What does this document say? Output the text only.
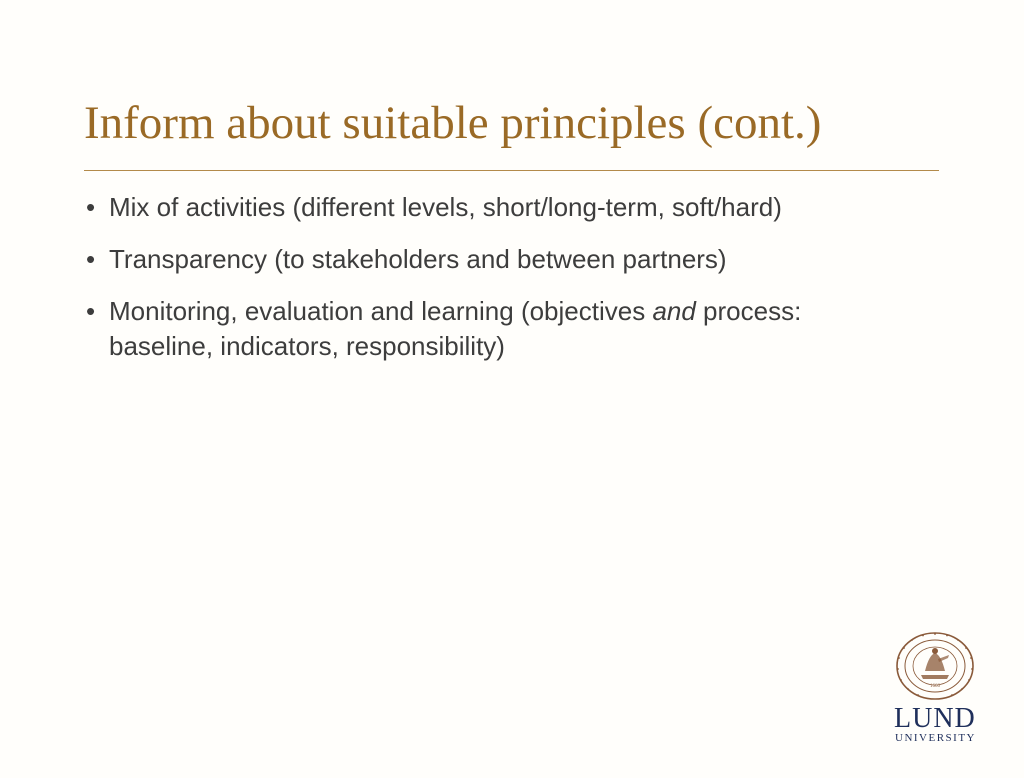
Inform about suitable principles (cont.)
• Mix of activities (different levels, short/long-term, soft/hard)
• Transparency (to stakeholders and between partners)
• Monitoring, evaluation and learning (objectives and process: baseline, indicators, responsibility)
1666
LUND
UNIVERSITY
